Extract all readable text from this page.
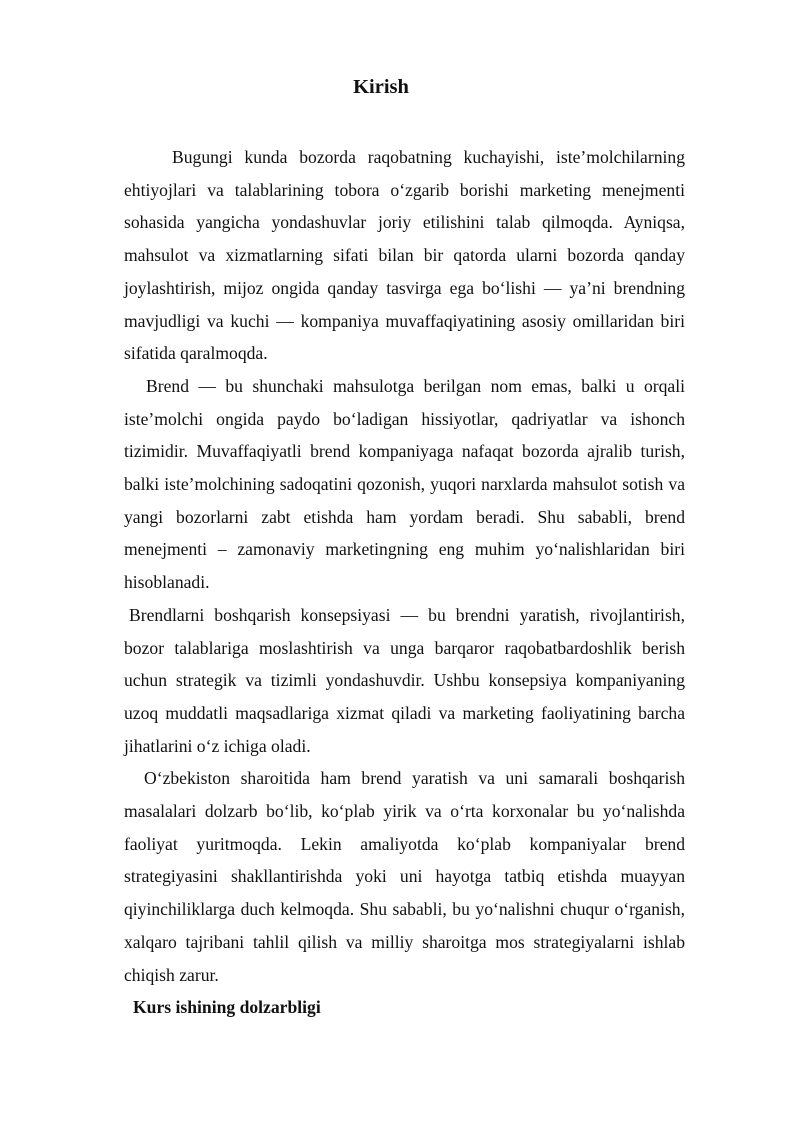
Kirish

Bugungi kunda bozorda raqobatning kuchayishi, iste’molchilarning ehtiyojlari va talablarining tobora o‘zgarib borishi marketing menejmenti sohasida yangicha yondashuvlar joriy etilishini talab qilmoqda. Ayniqsa, mahsulot va xizmatlarning sifati bilan bir qatorda ularni bozorda qanday joylashtirish, mijoz ongida qanday tasvirga ega bo‘lishi — ya’ni brendning mavjudligi va kuchi — kompaniya muvaffaqiyatining asosiy omillaridan biri sifatida qaralmoqda.

Brend — bu shunchaki mahsulotga berilgan nom emas, balki u orqali iste’molchi ongida paydo bo‘ladigan hissiyotlar, qadriyatlar va ishonch tizimidir. Muvaffaqiyatli brend kompaniyaga nafaqat bozorda ajralib turish, balki iste’molchining sadoqatini qozonish, yuqori narxlarda mahsulot sotish va yangi bozorlarni zabt etishda ham yordam beradi. Shu sababli, brend menejmenti – zamonaviy marketingning eng muhim yo‘nalishlaridan biri hisoblanadi.

Brendlarni boshqarish konsepsiyasi — bu brendni yaratish, rivojlantirish, bozor talablariga moslashtirish va unga barqaror raqobatbardoshlik berish uchun strategik va tizimli yondashuvdir. Ushbu konsepsiya kompaniyaning uzoq muddatli maqsadlariga xizmat qiladi va marketing faoliyatining barcha jihatlarini o‘z ichiga oladi.

O‘zbekiston sharoitida ham brend yaratish va uni samarali boshqarish masalalari dolzarb bo‘lib, ko‘plab yirik va o‘rta korxonalar bu yo‘nalishda faoliyat yuritmoqda. Lekin amaliyotda ko‘plab kompaniyalar brend strategiyasini shakllantirishda yoki uni hayotga tatbiq etishda muayyan qiyinchiliklarga duch kelmoqda. Shu sababli, bu yo‘nalishni chuqur o‘rganish, xalqaro tajribani tahlil qilish va milliy sharoitga mos strategiyalarni ishlab chiqish zarur.

Kurs ishining dolzarbligi
